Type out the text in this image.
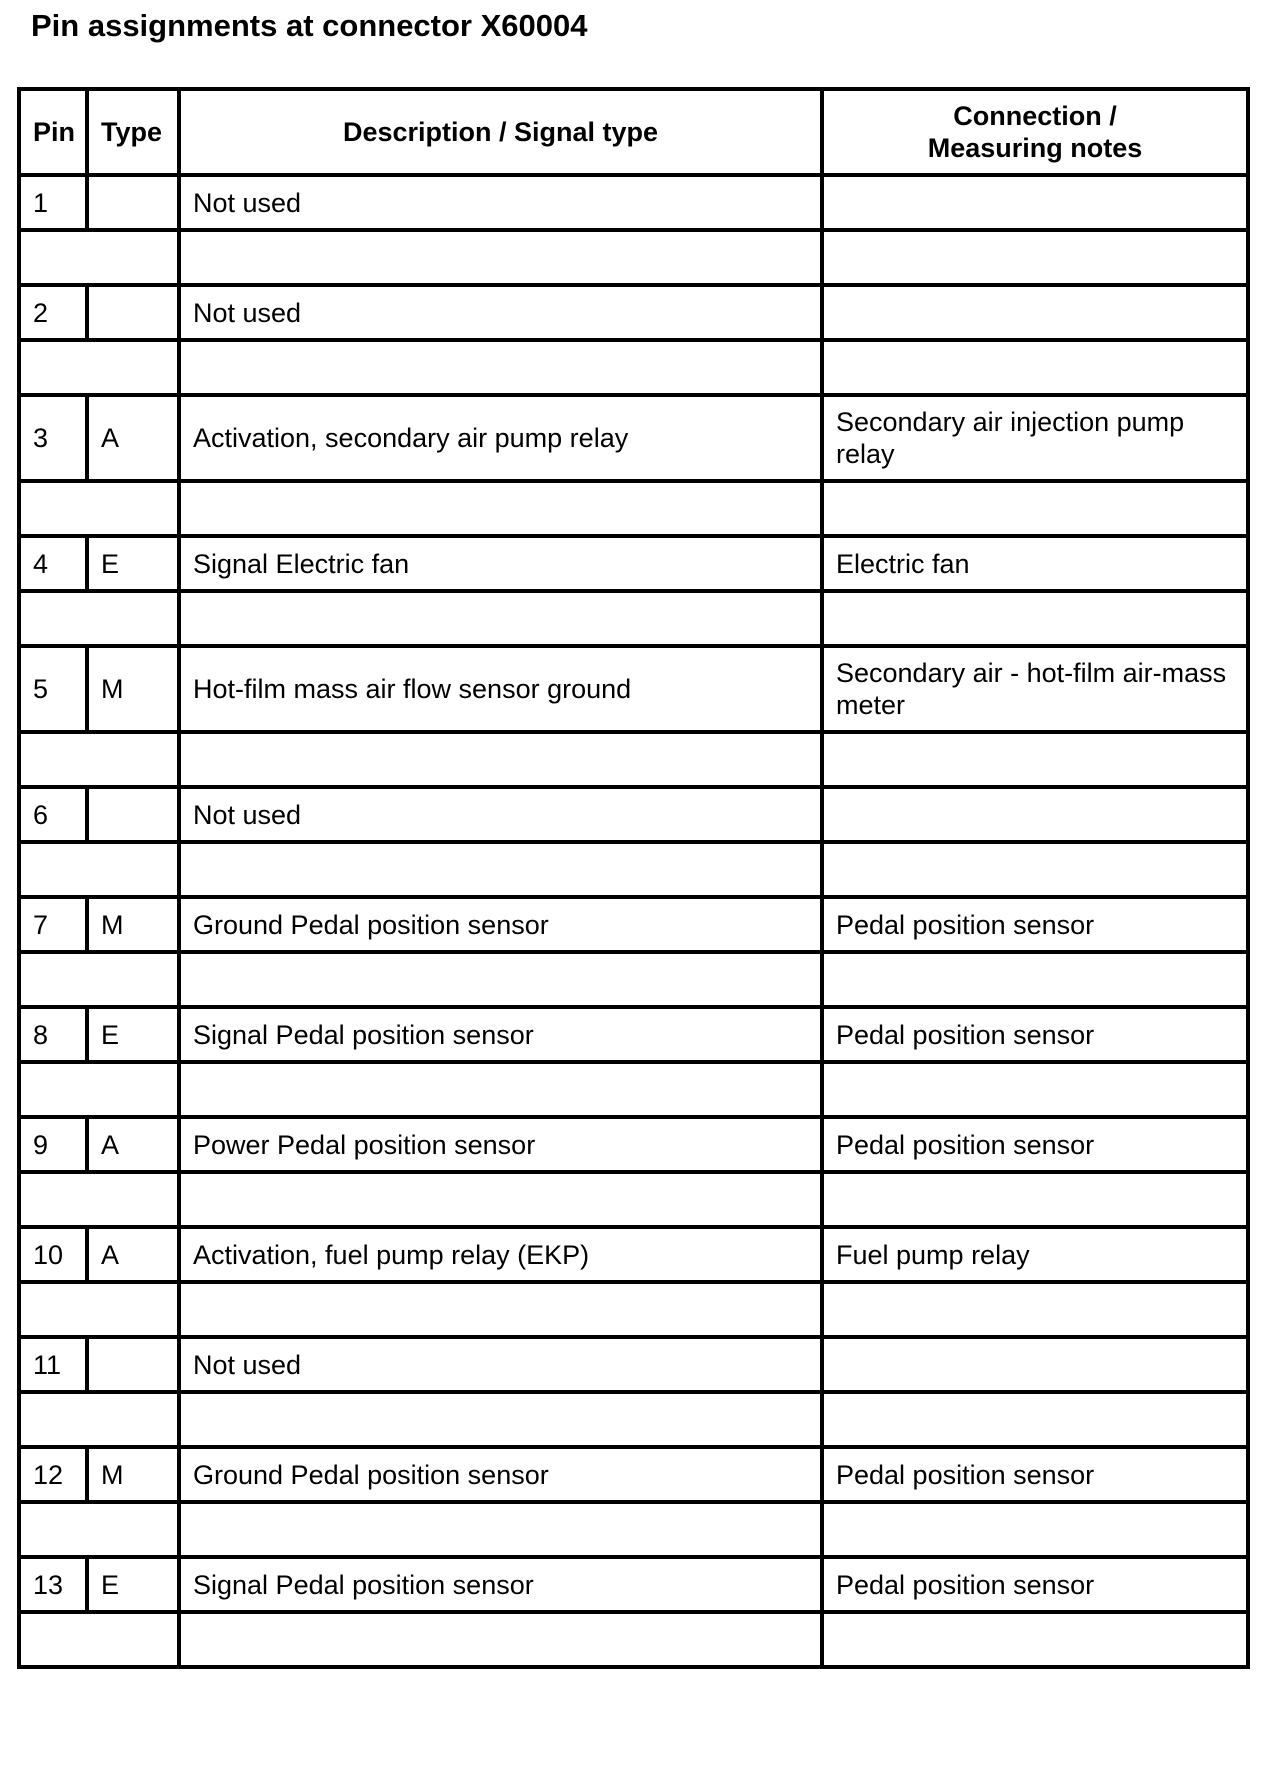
Pin assignments at connector X60004
Pin	Type	Description / Signal type	Connection /
Measuring notes
1		Not used	

2		Not used	

3	A	Activation, secondary air pump relay	Secondary air injection pump relay

4	E	Signal Electric fan	Electric fan

5	M	Hot-film mass air flow sensor ground	Secondary air - hot-film air-mass meter

6		Not used	

7	M	Ground Pedal position sensor	Pedal position sensor

8	E	Signal Pedal position sensor	Pedal position sensor

9	A	Power Pedal position sensor	Pedal position sensor

10	A	Activation, fuel pump relay (EKP)	Fuel pump relay

11		Not used	

12	M	Ground Pedal position sensor	Pedal position sensor

13	E	Signal Pedal position sensor	Pedal position sensor
